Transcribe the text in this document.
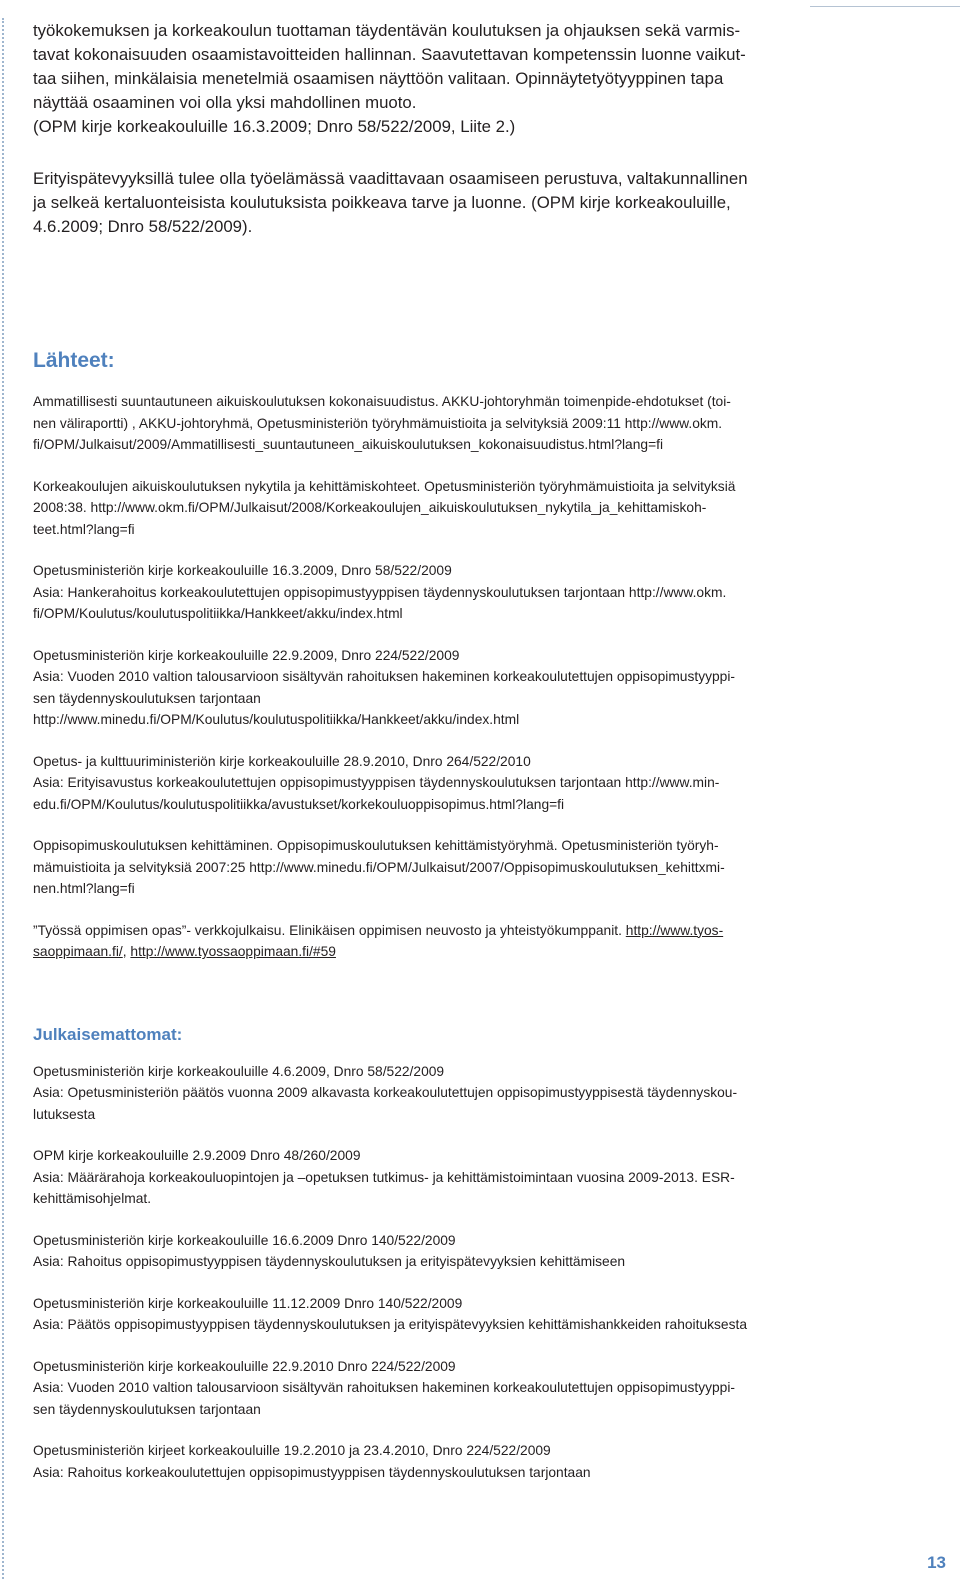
työkokemuksen ja korkeakoulun tuottaman täydentävän koulutuksen ja ohjauksen sekä varmis-
tavat kokonaisuuden osaamistavoitteiden hallinnan. Saavutettavan kompetenssin luonne vaikut-
taa siihen, minkälaisia menetelmiä osaamisen näyttöön valitaan. Opinnäytetyötyyppinen tapa
näyttää osaaminen voi olla yksi mahdollinen muoto.
(OPM kirje korkeakouluille 16.3.2009; Dnro 58/522/2009, Liite 2.)

Erityispätevyyksillä tulee olla työelämässä vaadittavaan osaamiseen perustuva, valtakunnallinen
ja selkeä kertaluonteisista koulutuksista poikkeava tarve ja luonne. (OPM kirje korkeakouluille,
4.6.2009; Dnro 58/522/2009).

Lähteet:

Ammatillisesti suuntautuneen aikuiskoulutuksen kokonaisuudistus. AKKU-johtoryhmän toimenpide-ehdotukset (toi-
nen väliraportti) , AKKU-johtoryhmä, Opetusministeriön työryhmämuistioita ja selvityksiä 2009:11 http://www.okm.
fi/OPM/Julkaisut/2009/Ammatillisesti_suuntautuneen_aikuiskoulutuksen_kokonaisuudistus.html?lang=fi

Korkeakoulujen aikuiskoulutuksen nykytila ja kehittämiskohteet. Opetusministeriön työryhmämuistioita ja selvityksiä
2008:38. http://www.okm.fi/OPM/Julkaisut/2008/Korkeakoulujen_aikuiskoulutuksen_nykytila_ja_kehittamiskoh-
teet.html?lang=fi

Opetusministeriön kirje korkeakouluille 16.3.2009, Dnro 58/522/2009
Asia: Hankerahoitus korkeakoulutettujen oppisopimustyyppisen täydennyskoulutuksen tarjontaan http://www.okm.
fi/OPM/Koulutus/koulutuspolitiikka/Hankkeet/akku/index.html

Opetusministeriön kirje korkeakouluille 22.9.2009, Dnro 224/522/2009
Asia: Vuoden 2010 valtion talousarvioon sisältyvän rahoituksen hakeminen korkeakoulutettujen oppisopimustyyppi-
sen täydennyskoulutuksen tarjontaan
http://www.minedu.fi/OPM/Koulutus/koulutuspolitiikka/Hankkeet/akku/index.html

Opetus- ja kulttuuriministeriön kirje korkeakouluille 28.9.2010, Dnro 264/522/2010
Asia: Erityisavustus korkeakoulutettujen oppisopimustyyppisen täydennyskoulutuksen tarjontaan http://www.min-
edu.fi/OPM/Koulutus/koulutuspolitiikka/avustukset/korkekouluoppisopimus.html?lang=fi

Oppisopimuskoulutuksen kehittäminen. Oppisopimuskoulutuksen kehittämistyöryhmä. Opetusministeriön työryh-
mämuistioita ja selvityksiä 2007:25 http://www.minedu.fi/OPM/Julkaisut/2007/Oppisopimuskoulutuksen_kehittxmi-
nen.html?lang=fi

”Työssä oppimisen opas”- verkkojulkaisu. Elinikäisen oppimisen neuvosto ja yhteistyökumppanit. http://www.tyos-
saoppimaan.fi/, http://www.tyossaoppimaan.fi/#59

Julkaisemattomat:

Opetusministeriön kirje korkeakouluille 4.6.2009, Dnro 58/522/2009
Asia: Opetusministeriön päätös vuonna 2009 alkavasta korkeakoulutettujen oppisopimustyyppisestä täydennyskou-
lutuksesta

OPM kirje korkeakouluille 2.9.2009 Dnro 48/260/2009
Asia: Määrärahoja korkeakouluopintojen ja –opetuksen tutkimus- ja kehittämistoimintaan vuosina 2009-2013. ESR-
kehittämisohjelmat.

Opetusministeriön kirje korkeakouluille 16.6.2009 Dnro 140/522/2009
Asia: Rahoitus oppisopimustyyppisen täydennyskoulutuksen ja erityispätevyyksien kehittämiseen

Opetusministeriön kirje korkeakouluille 11.12.2009 Dnro 140/522/2009
Asia: Päätös oppisopimustyyppisen täydennyskoulutuksen ja erityispätevyyksien kehittämishankkeiden rahoituksesta

Opetusministeriön kirje korkeakouluille 22.9.2010 Dnro 224/522/2009
Asia: Vuoden 2010 valtion talousarvioon sisältyvän rahoituksen hakeminen korkeakoulutettujen oppisopimustyyppi-
sen täydennyskoulutuksen tarjontaan

Opetusministeriön kirjeet korkeakouluille 19.2.2010 ja 23.4.2010, Dnro 224/522/2009
Asia: Rahoitus korkeakoulutettujen oppisopimustyyppisen täydennyskoulutuksen tarjontaan

13
